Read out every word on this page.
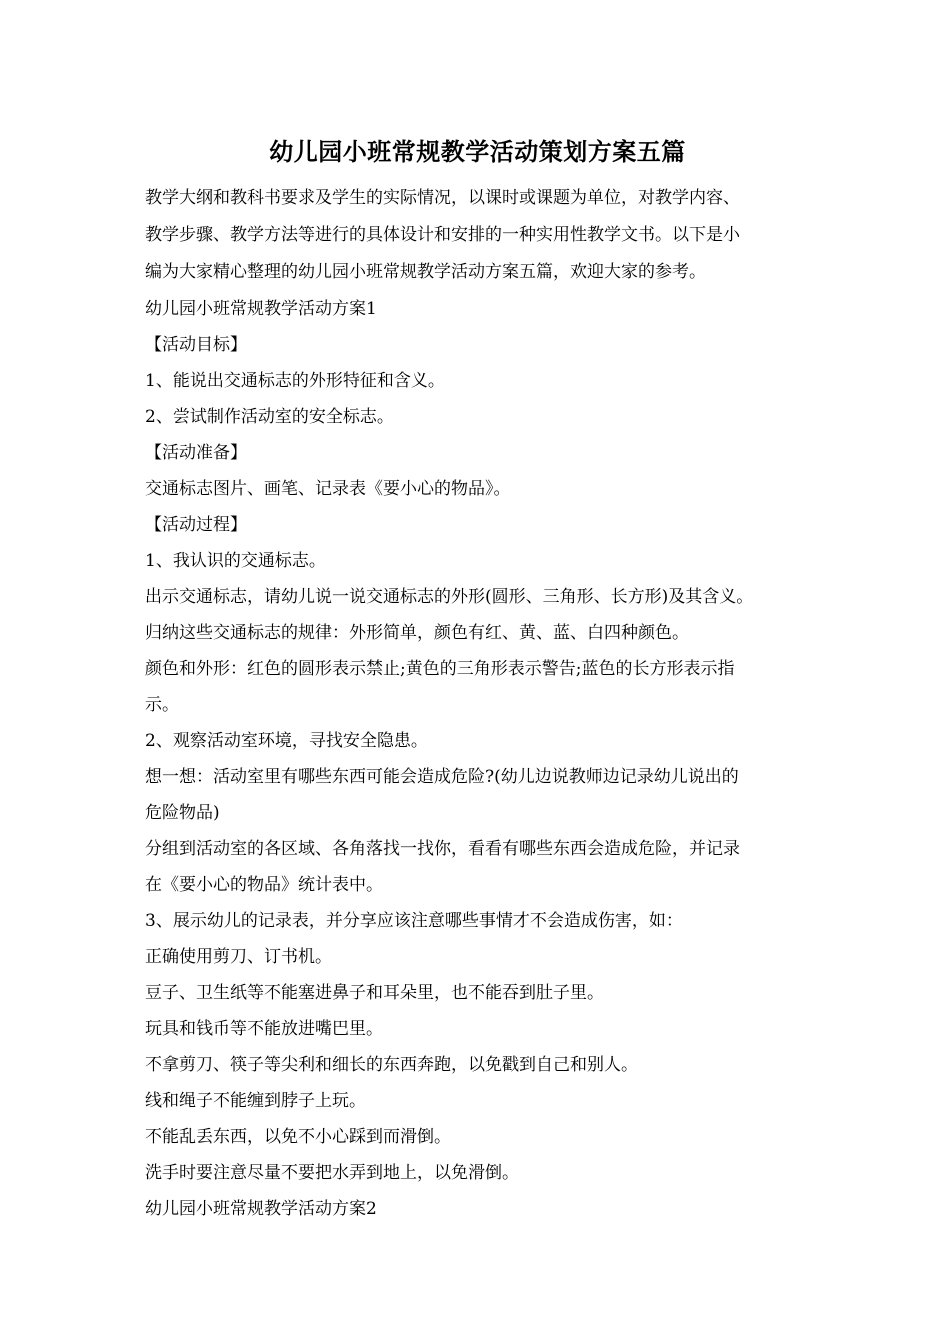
幼儿园小班常规教学活动策划方案五篇

教学大纲和教科书要求及学生的实际情况，以课时或课题为单位，对教学内容、

教学步骤、教学方法等进行的具体设计和安排的一种实用性教学文书。以下是小

编为大家精心整理的幼儿园小班常规教学活动方案五篇，欢迎大家的参考。

幼儿园小班常规教学活动方案1

【活动目标】

1、能说出交通标志的外形特征和含义。

2、尝试制作活动室的安全标志。

【活动准备】

交通标志图片、画笔、记录表《要小心的物品》。

【活动过程】

1、我认识的交通标志。

出示交通标志，请幼儿说一说交通标志的外形(圆形、三角形、长方形)及其含义。

归纳这些交通标志的规律：外形简单，颜色有红、黄、蓝、白四种颜色。

颜色和外形：红色的圆形表示禁止;黄色的三角形表示警告;蓝色的长方形表示指

示。

2、观察活动室环境，寻找安全隐患。

想一想：活动室里有哪些东西可能会造成危险?(幼儿边说教师边记录幼儿说出的

危险物品)

分组到活动室的各区域、各角落找一找你，看看有哪些东西会造成危险，并记录

在《要小心的物品》统计表中。

3、展示幼儿的记录表，并分享应该注意哪些事情才不会造成伤害，如：

正确使用剪刀、订书机。

豆子、卫生纸等不能塞进鼻子和耳朵里，也不能吞到肚子里。

玩具和钱币等不能放进嘴巴里。

不拿剪刀、筷子等尖利和细长的东西奔跑，以免戳到自己和别人。

线和绳子不能缠到脖子上玩。

不能乱丢东西，以免不小心踩到而滑倒。

洗手时要注意尽量不要把水弄到地上，以免滑倒。

幼儿园小班常规教学活动方案2
